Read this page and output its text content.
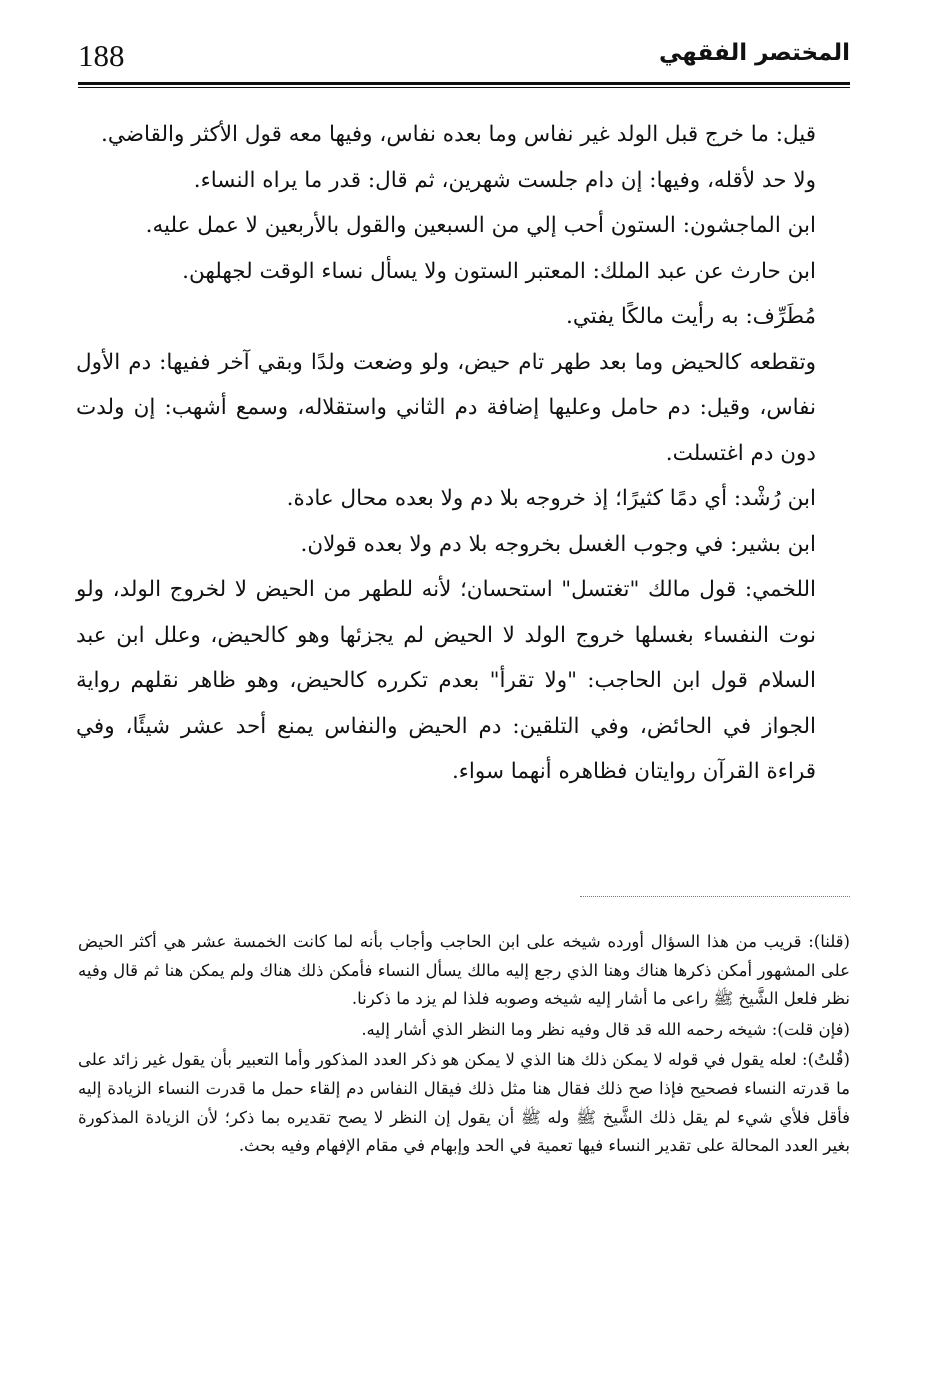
188	المختصر الفقهي

قيل: ما خرج قبل الولد غير نفاس وما بعده نفاس، وفيها معه قول الأكثر والقاضي.

ولا حد لأقله، وفيها: إن دام جلست شهرين، ثم قال: قدر ما يراه النساء.

ابن الماجشون: الستون أحب إلي من السبعين والقول بالأربعين لا عمل عليه.

ابن حارث عن عبد الملك: المعتبر الستون ولا يسأل نساء الوقت لجهلهن.

مُطَرِّف: به رأيت مالكًا يفتي.

وتقطعه كالحيض وما بعد طهر تام حيض، ولو وضعت ولدًا وبقي آخر ففيها: دم الأول نفاس، وقيل: دم حامل وعليها إضافة دم الثاني واستقلاله، وسمع أشهب: إن ولدت دون دم اغتسلت.

ابن رُشْد: أي دمًا كثيرًا؛ إذ خروجه بلا دم ولا بعده محال عادة.

ابن بشير: في وجوب الغسل بخروجه بلا دم ولا بعده قولان.

اللخمي: قول مالك "تغتسل" استحسان؛ لأنه للطهر من الحيض لا لخروج الولد، ولو نوت النفساء بغسلها خروج الولد لا الحيض لم يجزئها وهو كالحيض، وعلل ابن عبد السلام قول ابن الحاجب: "ولا تقرأ" بعدم تكرره كالحيض، وهو ظاهر نقلهم رواية الجواز في الحائض، وفي التلقين: دم الحيض والنفاس يمنع أحد عشر شيئًا، وفي قراءة القرآن روايتان فظاهره أنهما سواء.

(قلنا): قريب من هذا السؤال أورده شيخه على ابن الحاجب وأجاب بأنه لما كانت الخمسة عشر هي أكثر الحيض على المشهور أمكن ذكرها هناك وهنا الذي رجع إليه مالك يسأل النساء فأمكن ذلك هناك ولم يمكن هنا ثم قال وفيه نظر فلعل الشَّيخ ﷺ راعى ما أشار إليه شيخه وصوبه فلذا لم يزد ما ذكرنا.

(فإن قلت): شيخه رحمه الله قد قال وفيه نظر وما النظر الذي أشار إليه.

(قُلتُ): لعله يقول في قوله لا يمكن ذلك هنا الذي لا يمكن هو ذكر العدد المذكور وأما التعبير بأن يقول غير زائد على ما قدرته النساء فصحيح فإذا صح ذلك فقال هنا مثل ذلك فيقال النفاس دم إلقاء حمل ما قدرت النساء الزيادة إليه فأقل فلأي شيء لم يقل ذلك الشَّيخ ﷺ وله ﷺ أن يقول إن النظر لا يصح تقديره بما ذكر؛ لأن الزيادة المذكورة بغير العدد المحالة على تقدير النساء فيها تعمية في الحد وإبهام في مقام الإفهام وفيه بحث.
